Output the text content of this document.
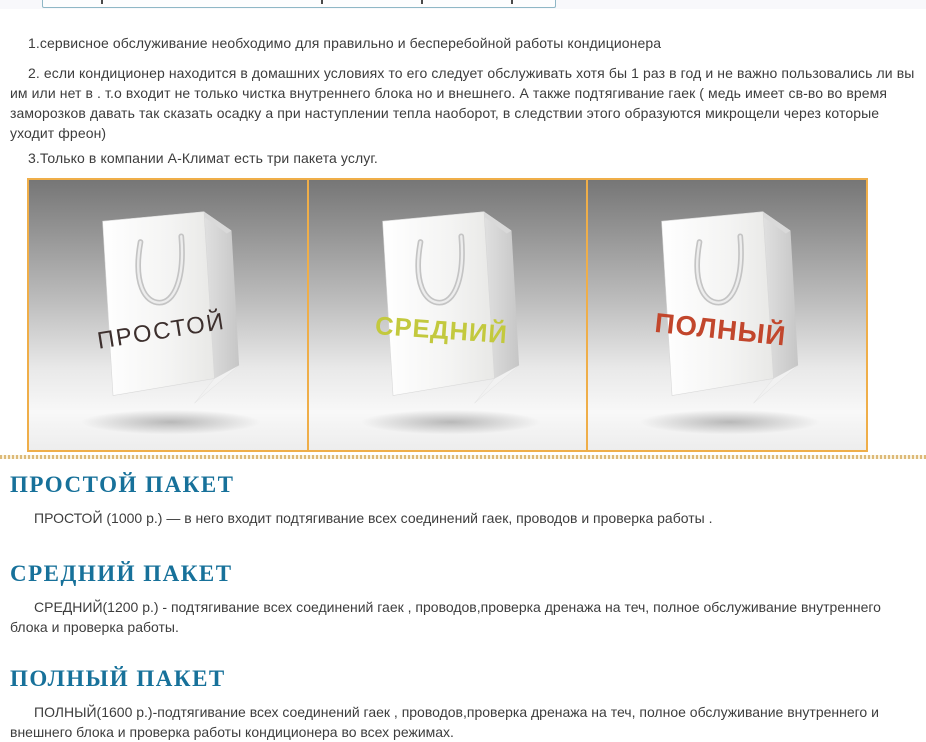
1.сервисное обслуживание необходимо для правильно и бесперебойной работы кондиционера

2. если кондиционер находится в домашних условиях то его следует обслуживать хотя бы 1 раз в год и не важно пользовались ли вы им или нет в . т.о входит не только чистка внутреннего блока но и внешнего. А также подтягивание гаек ( медь имеет св-во во время заморозков давать так сказать осадку а при наступлении тепла наоборот, в следствии этого образуются микрощели через которые уходит фреон)

3.Только в компании А-Климат есть три пакета услуг.

ПРОСТОЙ	СРЕДНИЙ	ПОЛНЫЙ
ПРОСТОЙ ПАКЕТ

ПРОСТОЙ (1000 р.) — в него входит подтягивание всех соединений гаек, проводов и проверка работы .

СРЕДНИЙ ПАКЕТ

СРЕДНИЙ(1200 р.) - подтягивание всех соединений гаек , проводов,проверка дренажа на теч, полное обслуживание внутреннего блока и проверка работы.

ПОЛНЫЙ ПАКЕТ

ПОЛНЫЙ(1600 р.)-подтягивание всех соединений гаек , проводов,проверка дренажа на теч, полное обслуживание внутреннего и внешнего блока и проверка работы кондиционера во всех режимах.
